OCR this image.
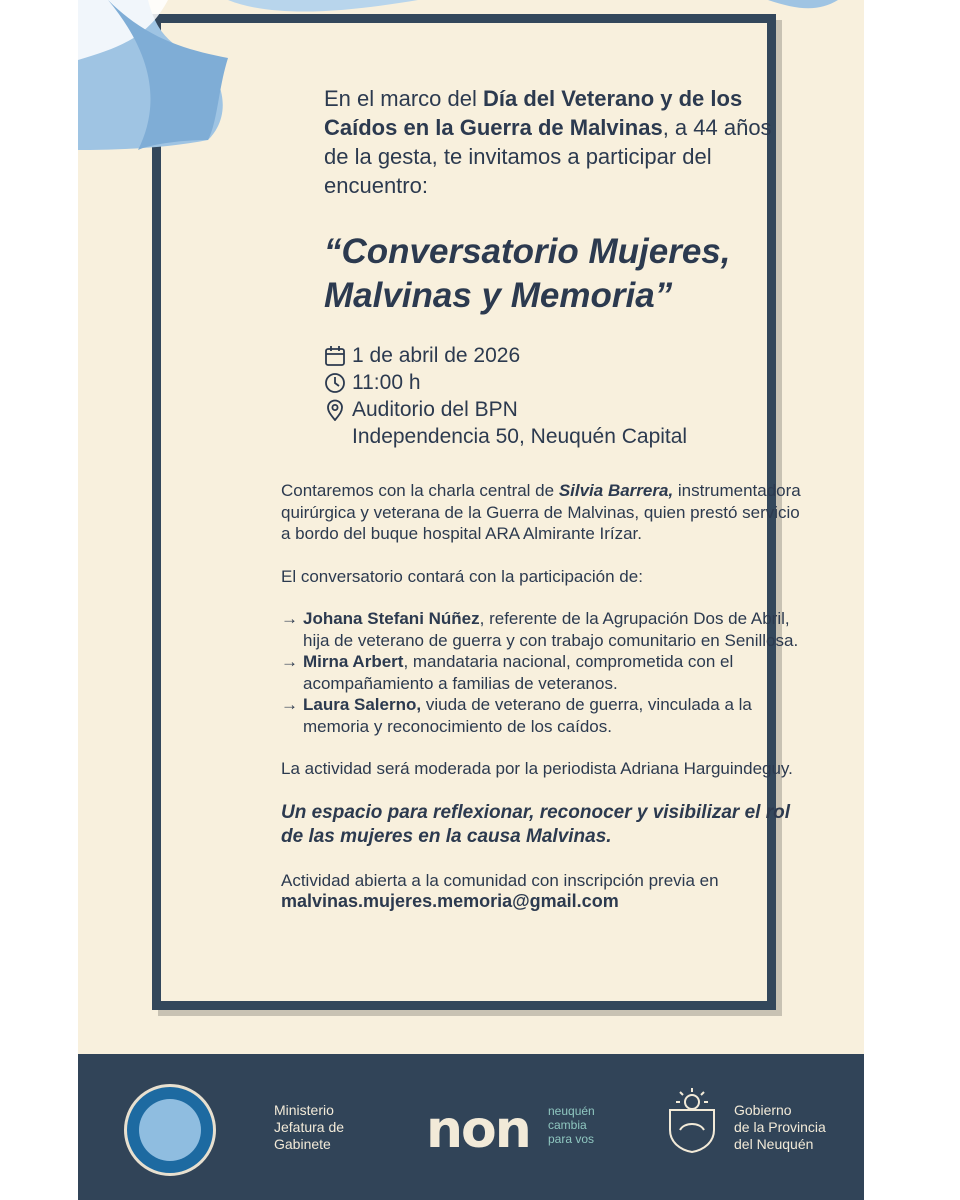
En el marco del Día del Veterano y de los Caídos en la Guerra de Malvinas, a 44 años de la gesta, te invitamos a participar del encuentro:
“Conversatorio Mujeres, Malvinas y Memoria”
1 de abril de 2026
11:00 h
Auditorio del BPN
Independencia 50, Neuquén Capital

Contaremos con la charla central de Silvia Barrera, instrumentadora quirúrgica y veterana de la Guerra de Malvinas, quien prestó servicio a bordo del buque hospital ARA Almirante Irízar.

El conversatorio contará con la participación de:

→ Johana Stefani Núñez, referente de la Agrupación Dos de Abril, hija de veterano de guerra y con trabajo comunitario en Senillosa.
→ Mirna Arbert, mandataria nacional, comprometida con el acompañamiento a familias de veteranos.
→ Laura Salerno, viuda de veterano de guerra, vinculada a la memoria y reconocimiento de los caídos.

La actividad será moderada por la periodista Adriana Harguindeguy.

Un espacio para reflexionar, reconocer y visibilizar el rol de las mujeres en la causa Malvinas.

Actividad abierta a la comunidad con inscripción previa en

malvinas.mujeres.memoria@gmail.com

Ministerio
Jefatura de
Gabinete non neuquén
cambia
para vos
Gobierno
de la Provincia
del Neuquén
